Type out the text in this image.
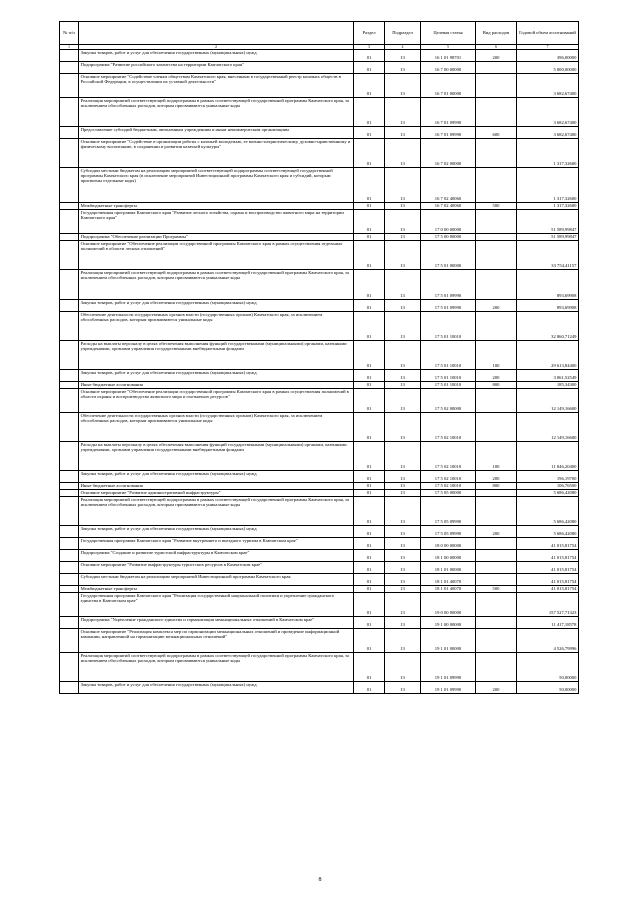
№ п/п		Раздел	Подраздел	Целевая статья	Вид расходов	Годовой объем ассигнований
1	2	3	4	5	6	7
	Закупка товаров, работ и услуг для обеспечения государственных (муниципальных) нужд	01	13	16 1 01 98701	200	396,00000
	Подпрограмма "Развитие российского казачества на территории Камчатского края"	01	13	16 7 00 00000		5 000,00000
	Основное мероприятие "Содействие членам обществам Камчатского края, внесенным в государственный реестр казачьих обществ в Российской Федерации, в осуществлении их уставной деятельности"	01	13	16 7 01 00000		3 682,67400
	Реализация мероприятий соответствующей подпрограммы в рамках соответствующей государственной программы Камчатского края, за исключением обособленных расходов, которым присваиваются уникальные коды	01	13	16 7 01 09990		3 682,67400
	Предоставление субсидий бюджетным, автономным учреждениям и иным некоммерческим организациям	01	13	16 7 01 09990	600	3 682,67400
	Основное мероприятие "Содействие в организации работы с казачьей молодежью, ее военно-патриотическому, духовно-нравственному и физическому воспитанию, в сохранении и развитии казачьей культуры"	01	13	16 7 02 00000		1 317,32600
	Субсидии местным бюджетам на реализацию мероприятий соответствующей подпрограммы соответствующей государственной программы Камчатского края (в исключение мероприятий Инвестиционной программы Камчатского края и субсидий, которым присвоены отдельные коды)	01	13	16 7 02 40060		1 317,32600
	Межбюджетные трансферты	01	13	16 7 02 40060	500	1 317,32600
	Государственная программа Камчатского края "Развитие лесного хозяйства, охрана и воспроизводство животного мира на территории Камчатского края"	01	13	17 0 00 00000		51 589,99847
	Подпрограмма "Обеспечение реализации Программы"	01	13	17 5 00 00000		51 589,99847
	Основное мероприятие "Обеспечение реализации государственной программы Камчатского края в рамках осуществления отдельных полномочий в области лесных отношений"	01	13	17 5 01 00000		33 754,41157
	Реализация мероприятий соответствующей подпрограммы в рамках соответствующей государственной программы Камчатского края, за исключением обособленных расходов, которым присваиваются уникальные коды	01	13	17 5 01 09990		893,69908
	Закупка товаров, работ и услуг для обеспечения государственных (муниципальных) нужд	01	13	17 5 01 09990	200	893,69908
	Обеспечение деятельности государственных органов власти (государственных органов) Камчатского края, за исключением обособленных расходов, которым присваиваются уникальные коды	01	13	17 5 01 10010		32 860,71249
	Расходы на выплаты персоналу в целях обеспечения выполнения функций государственными (муниципальными) органами, казенными учреждениями, органами управления государственными внебюджетными фондами	01	13	17 5 01 10010	100	29 613,84400
	Закупка товаров, работ и услуг для обеспечения государственных (муниципальных) нужд	01	13	17 5 01 10010	200	3 061,52549
	Иные бюджетные ассигнования	01	13	17 5 01 10010	800	185,34300
	Основное мероприятие "Обеспечение реализации государственной программы Камчатского края в рамках осуществления полномочий в области охраны и воспроизводства животного мира и охотничьих ресурсов"	01	13	17 5 02 00000		12 149,16600
	Обеспечение деятельности государственных органов власти (государственных органов) Камчатского края, за исключением обособленных расходов, которым присваиваются уникальные коды	01	13	17 5 02 10010		12 149,16600
	Расходы на выплаты персоналу в целях обеспечения выполнения функций государственными (муниципальными) органами, казенными учреждениями, органами управления государственными внебюджетными фондами	01	13	17 5 02 10010	100	11 846,20400
	Закупка товаров, работ и услуг для обеспечения государственных (муниципальных) нужд	01	13	17 5 02 10010	200	196,19700
	Иные бюджетные ассигнования	01	13	17 5 02 10010	800	106,76500
	Основное мероприятие "Развитие административной инфраструктуры"	01	13	17 5 05 00000		5 686,42080
	Реализация мероприятий соответствующей подпрограммы в рамках соответствующей государственной программы Камчатского края, за исключением обособленных расходов, которым присваиваются уникальные коды	01	13	17 5 05 09990		5 686,42080
	Закупка товаров, работ и услуг для обеспечения государственных (муниципальных) нужд	01	13	17 5 05 09990	200	5 686,42080
	Государственная программа Камчатского края "Развитие внутреннего и въездного туризма в Камчатском крае"	01	13	18 0 00 00000		41 015,81754
	Подпрограмма "Создание и развитие туристской инфраструктуры в Камчатском крае"	01	13	18 1 00 00000		41 015,81754
	Основное мероприятие "Развитие инфраструктуры туристских ресурсов в Камчатском крае"	01	13	18 1 01 00000		41 015,81754
	Субсидии местным бюджетам на реализацию мероприятий Инвестиционной программы Камчатского края	01	13	18 1 01 40070		41 015,81754
	Межбюджетные трансферты	01	13	18 1 01 40070	500	41 015,81754
	Государственная программа Камчатского края "Реализация государственной национальной политики и укрепление гражданского единства в Камчатском крае"	01	13	19 0 00 00000		157 527,71323
	Подпрограмма "Укрепление гражданского единства и гармонизация межнациональных отношений в Камчатском крае"	01	13	19 1 00 00000		11 417,18578
	Основное мероприятие "Реализация комплекса мер по гармонизации межнациональных отношений и проведение информационной кампании, направленной на гармонизацию межнациональных отношений"	01	13	19 1 01 00000		4 526,79996
	Реализация мероприятий соответствующей подпрограммы в рамках соответствующей государственной программы Камчатского края, за исключением обособленных расходов, которым присваиваются уникальные коды	01	13	19 1 01 09990		50,00000
	Закупка товаров, работ и услуг для обеспечения государственных (муниципальных) нужд	01	13	19 1 01 09990	200	50,00000
8
